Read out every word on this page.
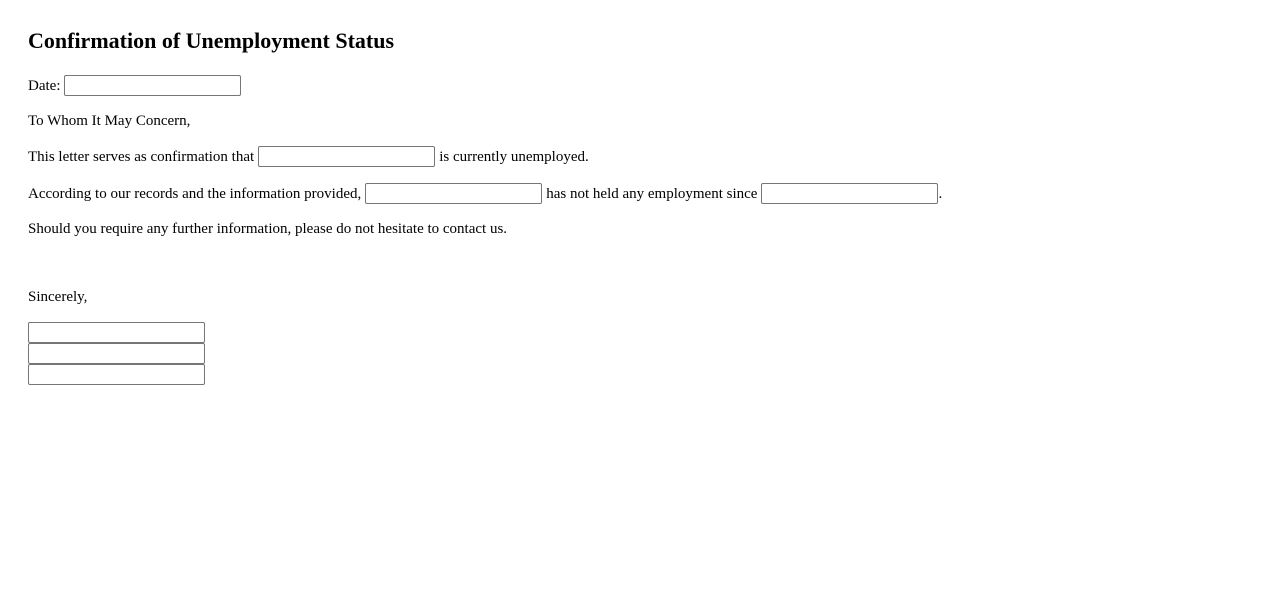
Confirmation of Unemployment Status
Date:
To Whom It May Concern,
This letter serves as confirmation that	is currently unemployed.
According to our records and the information provided,	has not held any employment since	.
Should you require any further information, please do not hesitate to contact us.
Sincerely,
